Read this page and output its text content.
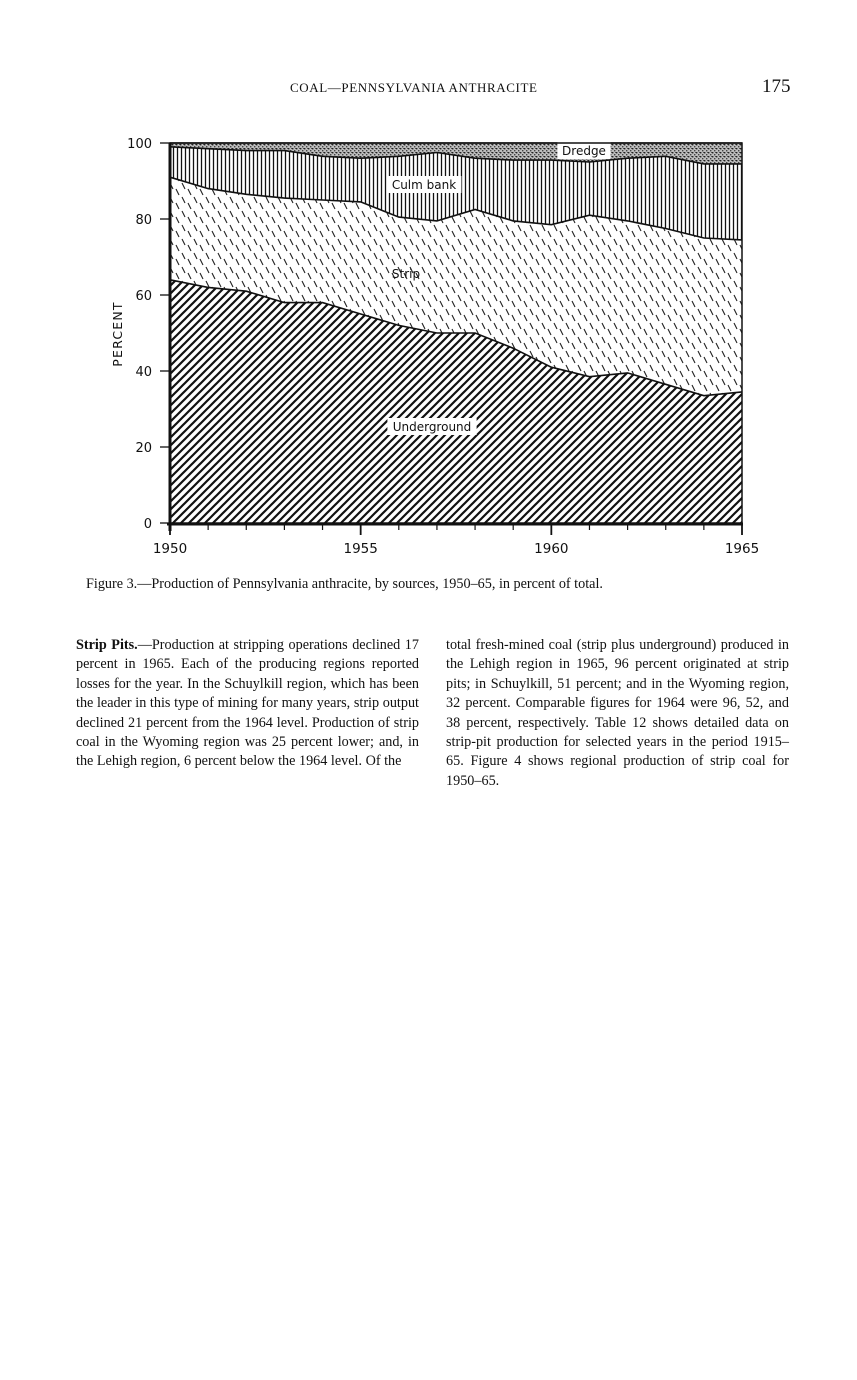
COAL—PENNSYLVANIA ANTHRACITE	175
Underground
Strip
Culm bank
Dredge
0
20
40
60
80
100
1950	1955	1960	1965
PERCENT
Figure 3.—Production of Pennsylvania anthracite, by sources, 1950–65, in percent of total.
Strip Pits.—Production at stripping operations declined 17 percent in 1965. Each of the producing regions reported losses for the year. In the Schuylkill region, which has been the leader in this type of mining for many years, strip output declined 21 percent from the 1964 level. Production of strip coal in the Wyoming region was 25 percent lower; and, in the Lehigh region, 6 percent below the 1964 level. Of the
total fresh-mined coal (strip plus underground) produced in the Lehigh region in 1965, 96 percent originated at strip pits; in Schuylkill, 51 percent; and in the Wyoming region, 32 percent. Comparable figures for 1964 were 96, 52, and 38 percent, respectively. Table 12 shows detailed data on strip-pit production for selected years in the period 1915–65. Figure 4 shows regional production of strip coal for 1950–65.
